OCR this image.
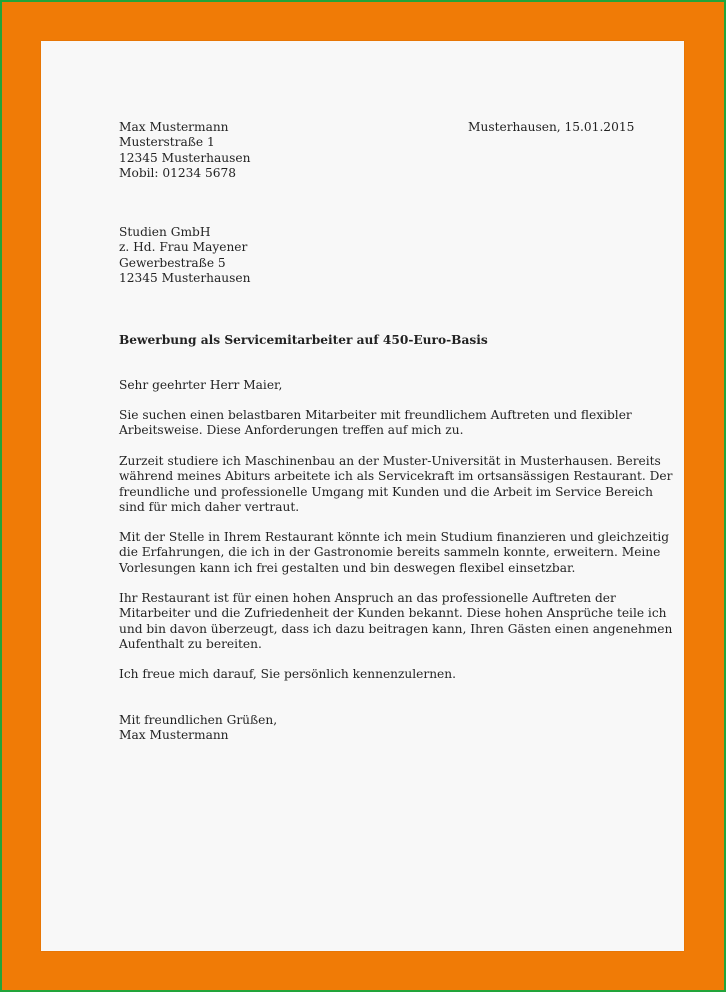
Max Mustermann
Musterstraße 1
12345 Musterhausen
Mobil: 01234 5678
Musterhausen, 15.01.2015
Studien GmbH
z. Hd. Frau Mayener
Gewerbestraße 5
12345 Musterhausen
Bewerbung als Servicemitarbeiter auf 450-Euro-Basis
Sehr geehrter Herr Maier,
Sie suchen einen belastbaren Mitarbeiter mit freundlichem Auftreten und flexibler
Arbeitsweise. Diese Anforderungen treffen auf mich zu.
Zurzeit studiere ich Maschinenbau an der Muster-Universität in Musterhausen. Bereits
während meines Abiturs arbeitete ich als Servicekraft im ortsansässigen Restaurant. Der
freundliche und professionelle Umgang mit Kunden und die Arbeit im Service Bereich
sind für mich daher vertraut.
Mit der Stelle in Ihrem Restaurant könnte ich mein Studium finanzieren und gleichzeitig
die Erfahrungen, die ich in der Gastronomie bereits sammeln konnte, erweitern. Meine
Vorlesungen kann ich frei gestalten und bin deswegen flexibel einsetzbar.
Ihr Restaurant ist für einen hohen Anspruch an das professionelle Auftreten der
Mitarbeiter und die Zufriedenheit der Kunden bekannt. Diese hohen Ansprüche teile ich
und bin davon überzeugt, dass ich dazu beitragen kann, Ihren Gästen einen angenehmen
Aufenthalt zu bereiten.
Ich freue mich darauf, Sie persönlich kennenzulernen.
Mit freundlichen Grüßen,
Max Mustermann
